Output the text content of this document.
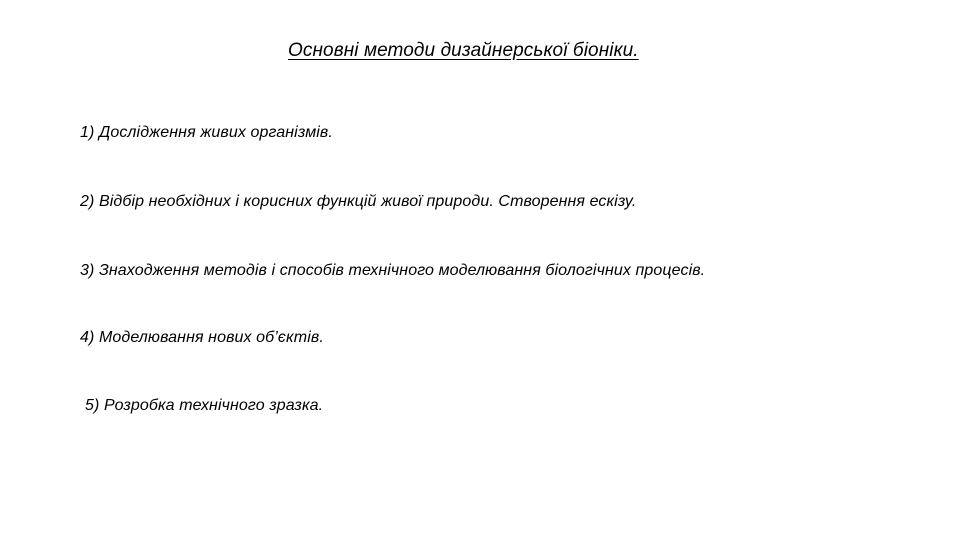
Основні методи дизайнерської біоніки.
1) Дослідження живих організмів.
2) Відбір необхідних і корисних функцій живої природи. Створення ескізу.
3) Знаходження методів і способів технічного моделювання біологічних процесів.
4) Моделювання нових об’єктів.
5) Розробка технічного зразка.
